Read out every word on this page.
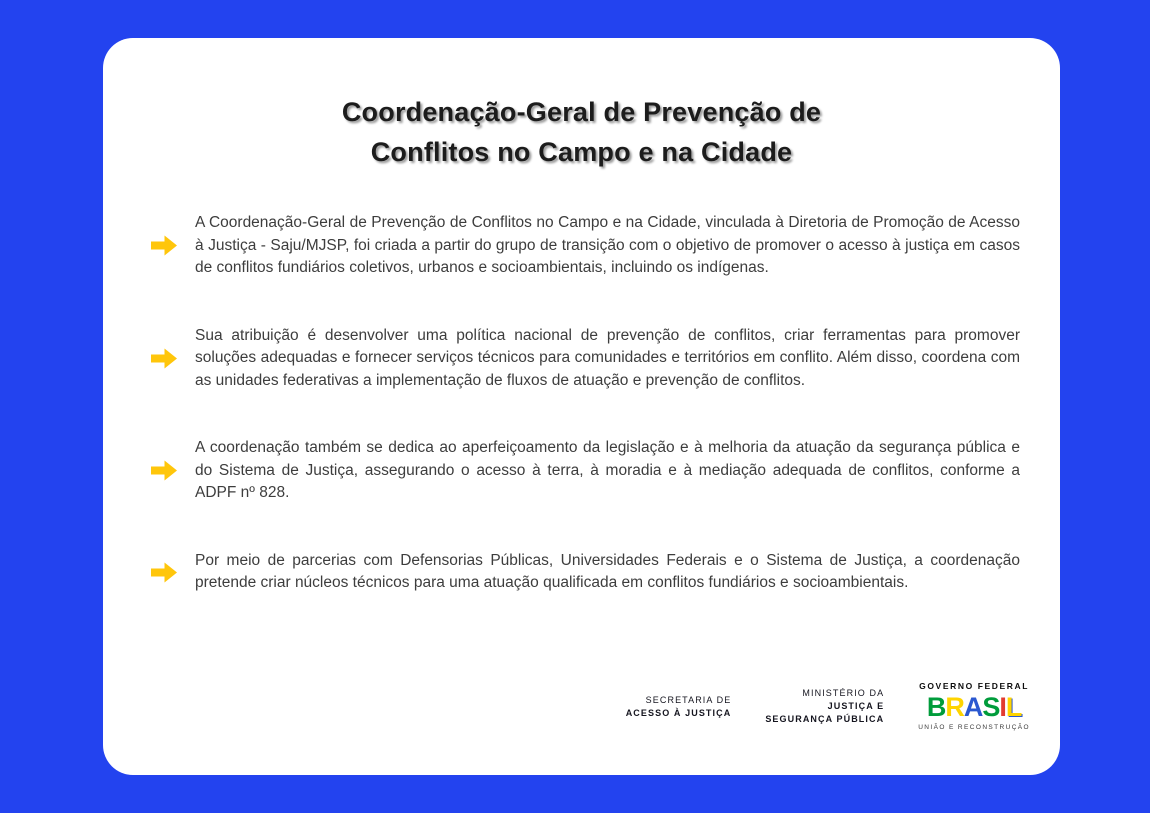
Coordenação-Geral de Prevenção de
Conflitos no Campo e na Cidade
A Coordenação-Geral de Prevenção de Conflitos no Campo e na Cidade, vinculada à Diretoria de Promoção de Acesso à Justiça - Saju/MJSP, foi criada a partir do grupo de transição com o objetivo de promover o acesso à justiça em casos de conflitos fundiários coletivos, urbanos e socioambientais, incluindo os indígenas.
Sua atribuição é desenvolver uma política nacional de prevenção de conflitos, criar ferramentas para promover soluções adequadas e fornecer serviços técnicos para comunidades e territórios em conflito. Além disso, coordena com as unidades federativas a implementação de fluxos de atuação e prevenção de conflitos.
A coordenação também se dedica ao aperfeiçoamento da legislação e à melhoria da atuação da segurança pública e do Sistema de Justiça, assegurando o acesso à terra, à moradia e à mediação adequada de conflitos, conforme a ADPF nº 828.
Por meio de parcerias com Defensorias Públicas, Universidades Federais e o Sistema de Justiça, a coordenação pretende criar núcleos técnicos para uma atuação qualificada em conflitos fundiários e socioambientais.
SECRETARIA DE
ACESSO À JUSTIÇA
MINISTÉRIO DA
JUSTIÇA E
SEGURANÇA PÚBLICA
GOVERNO FEDERAL
BRASIL
UNIÃO E RECONSTRUÇÃO
